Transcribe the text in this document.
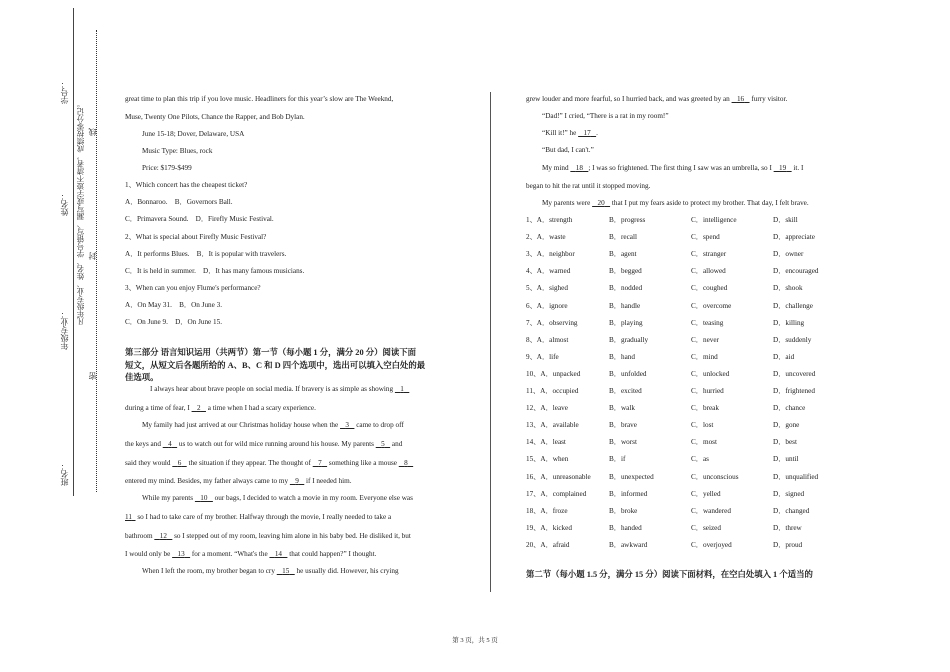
学号：
姓名：
年级专业：
班名：
凡年级专业、姓名、学号错写、漏写或字迹不清者，成绩按零分记。 线
封
密
great time to plan this trip if you love music. Headliners for this year’s slow are The Weeknd,
Muse, Twenty One Pilots, Chance the Rapper, and Bob Dylan.
June 15-18; Dover, Delaware, USA
Music Type: Blues, rock
Price: $179-$499
1、Which concert has the cheapest ticket?
A．Bonnaroo.　B．Governors Ball.
C．Primavera Sound.　D．Firefly Music Festival.
2、What is special about Firefly Music Festival?
A．It performs Blues.　B．It is popular with travelers.
C．It is held in summer.　D．It has many famous musicians.
3、When can you enjoy Flume's performance?
A．On May 31.　B．On June 3.
C．On June 9.　D．On June 15.
第三部分 语言知识运用（共两节）第一节（每小题 1 分，满分 20 分）阅读下面
短文，从短文后各题所给的 A、B、C 和 D 四个选项中，选出可以填入空白处的最
佳选项。
I always hear about brave people on social media. If bravery is as simple as showing 1
during a time of fear, I 2 a time when I had a scary experience.
My family had just arrived at our Christmas holiday house when the 3 came to drop off
the keys and 4 us to watch out for wild mice running around his house. My parents 5 and
said they would 6 the situation if they appear. The thought of 7 something like a mouse 8
entered my mind. Besides, my father always came to my 9 if I needed him.
While my parents 10 our bags, I decided to watch a movie in my room. Everyone else was
11 so I had to take care of my brother. Halfway through the movie, I really needed to take a
bathroom 12 so I stepped out of my room, leaving him alone in his baby bed. He disliked it, but
I would only be 13 for a moment. “What's the 14 that could happen?” I thought.
When I left the room, my brother began to cry 15 he usually did. However, his crying
grew louder and more fearful, so I hurried back, and was greeted by an 16 furry visitor.
“Dad!” I cried, “There is a rat in my room!”
“Kill it!” he 17 .
“But dad, I can't.”
My mind 18 ; I was so frightened. The first thing I saw was an umbrella, so I 19 it. I
began to hit the rat until it stopped moving.
My parents were 20 that I put my fears aside to protect my brother. That day, I felt brave.
1、A．strength	B．progress	C．intelligence	D．skill
2、A．waste	B．recall	C．spend	D．appreciate
3、A．neighbor	B．agent	C．stranger	D．owner
4、A．warned	B．begged	C．allowed	D．encouraged
5、A．sighed	B．nodded	C．coughed	D．shook
6、A．ignore	B．handle	C．overcome	D．challenge
7、A．observing	B．playing	C．teasing	D．killing
8、A．almost	B．gradually	C．never	D．suddenly
9、A．life	B．hand	C．mind	D．aid
10、A．unpacked	B．unfolded	C．unlocked	D．uncovered
11、A．occupied	B．excited	C．hurried	D．frightened
12、A．leave	B．walk	C．break	D．chance
13、A．available	B．brave	C．lost	D．gone
14、A．least	B．worst	C．most	D．best
15、A．when	B．if	C．as	D．until
16、A．unreasonable	B．unexpected	C．unconscious	D．unqualified
17、A．complained	B．informed	C．yelled	D．signed
18、A．froze	B．broke	C．wandered	D．changed
19、A．kicked	B．handed	C．seized	D．threw
20、A．afraid	B．awkward	C．overjoyed	D．proud
第二节（每小题 1.5 分，满分 15 分）阅读下面材料，在空白处填入 1 个适当的
第 3 页，共 5 页
